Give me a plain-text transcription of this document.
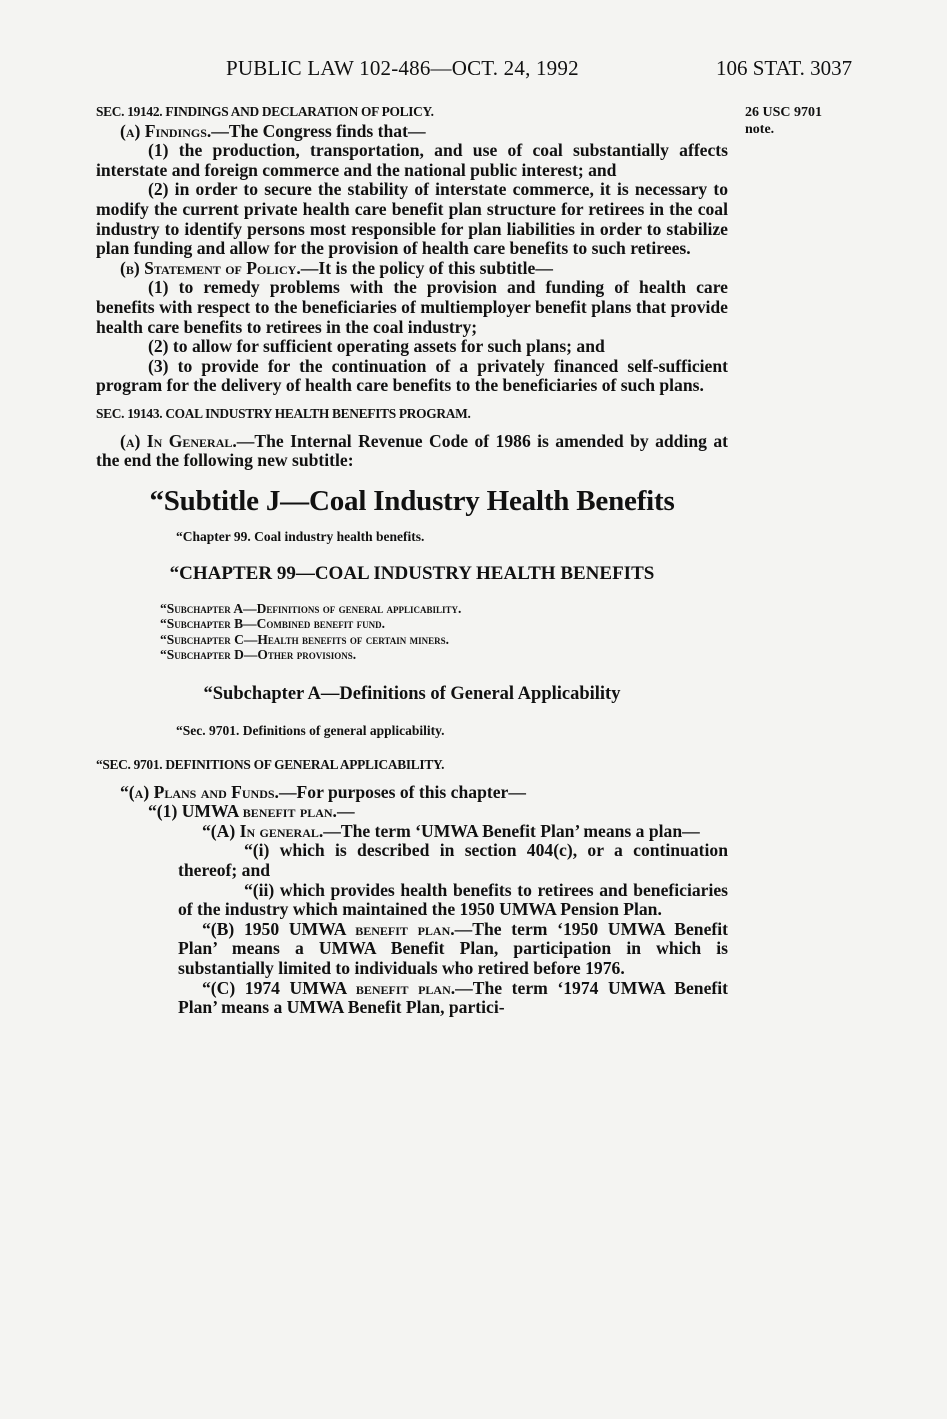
PUBLIC LAW 102-486—OCT. 24, 1992	106 STAT. 3037
26 USC 9701
note.

SEC. 19142. FINDINGS AND DECLARATION OF POLICY.

(a) Findings.—The Congress finds that—

(1) the production, transportation, and use of coal substantially affects interstate and foreign commerce and the national public interest; and

(2) in order to secure the stability of interstate commerce, it is necessary to modify the current private health care benefit plan structure for retirees in the coal industry to identify persons most responsible for plan liabilities in order to stabilize plan funding and allow for the provision of health care benefits to such retirees.

(b) Statement of Policy.—It is the policy of this subtitle—

(1) to remedy problems with the provision and funding of health care benefits with respect to the beneficiaries of multiemployer benefit plans that provide health care benefits to retirees in the coal industry;

(2) to allow for sufficient operating assets for such plans; and

(3) to provide for the continuation of a privately financed self-sufficient program for the delivery of health care benefits to the beneficiaries of such plans.

SEC. 19143. COAL INDUSTRY HEALTH BENEFITS PROGRAM.

(a) In General.—The Internal Revenue Code of 1986 is amended by adding at the end the following new subtitle:

“Subtitle J—Coal Industry Health Benefits
“Chapter 99. Coal industry health benefits.
“CHAPTER 99—COAL INDUSTRY HEALTH BENEFITS
“Subchapter A—Definitions of general applicability.
“Subchapter B—Combined benefit fund.
“Subchapter C—Health benefits of certain miners.
“Subchapter D—Other provisions.
“Subchapter A—Definitions of General Applicability
“Sec. 9701. Definitions of general applicability.

“SEC. 9701. DEFINITIONS OF GENERAL APPLICABILITY.

“(a) Plans and Funds.—For purposes of this chapter—

“(1) UMWA benefit plan.—

“(A) In general.—The term ‘UMWA Benefit Plan’ means a plan—

“(i) which is described in section 404(c), or a continuation thereof; and

“(ii) which provides health benefits to retirees and beneficiaries of the industry which maintained the 1950 UMWA Pension Plan.

“(B) 1950 UMWA benefit plan.—The term ‘1950 UMWA Benefit Plan’ means a UMWA Benefit Plan, participation in which is substantially limited to individuals who retired before 1976.

“(C) 1974 UMWA benefit plan.—The term ‘1974 UMWA Benefit Plan’ means a UMWA Benefit Plan, partici-
